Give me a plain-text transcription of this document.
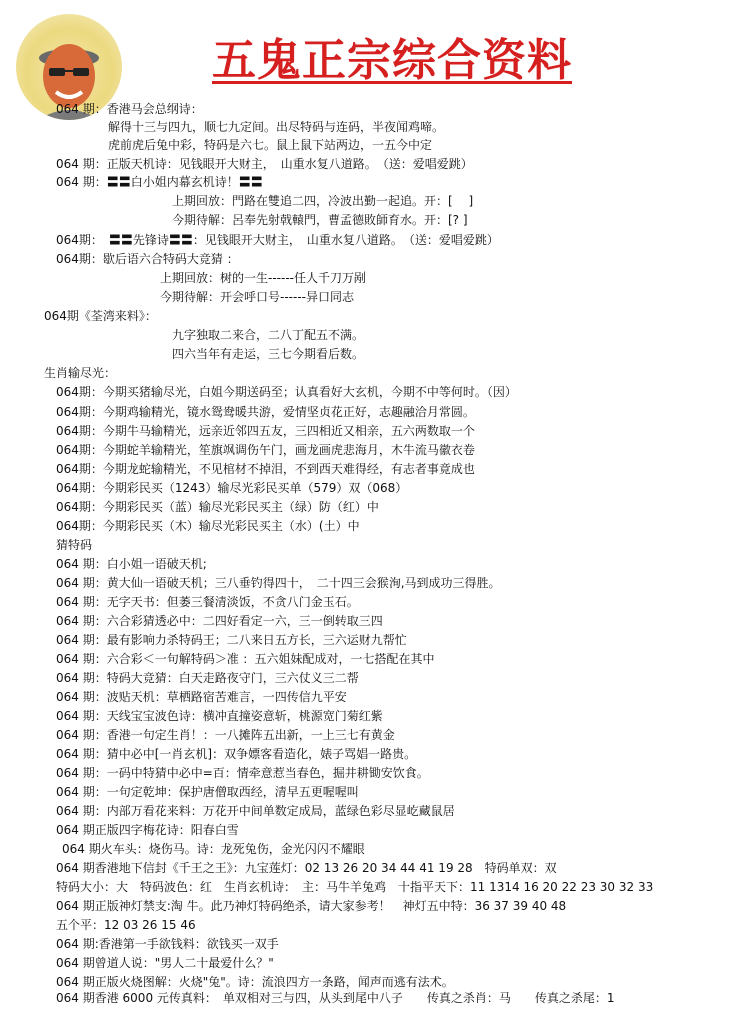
五鬼正宗综合资料
064 期：香港马会总纲诗：
解得十三与四九，顺七九定间。出尽特码与连码，半夜闻鸡啼。
虎前虎后兔中彩，特码是六七。鼠上鼠下站两边，一五今中定
064 期：正版天机诗：见钱眼开大财主，　山重水复八道路。　（送：爱唱爱跳）
064 期：〓〓白小姐内幕玄机诗！〓〓
上期回放：門路在雙追二四，冷波出勤一起追。开：[　 ]
今期待解：呂奉先射戟轅門，曹孟德敗師育水。开：[? ]
064期：　〓〓先锋诗〓〓：见钱眼开大财主，　山重水复八道路。　（送：爱唱爱跳）
064期：歇后语六合特码大竞猜 ：
上期回放：树的一生------任人千刀万剐
今期待解：开会呼口号------异口同志
064期《荃湾来料》：
九字独取二来合，二八丁配五不满。
四六当年有走运，三七今期看后数。
生肖输尽光：
064期：今期买猪输尽光，白姐今期送码至；认真看好大玄机，今期不中等何时。（因）
064期：今期鸡输精光，镜水鸳鸯暖共游，爱情坚贞花正好，志趣融洽月常圆。
064期：今期牛马输精光，远亲近邻四五友，三四相近又相亲，五六两数取一个
064期：今期蛇羊输精光，笙旗飒调伤午门，画龙画虎悲海月，木牛流马徽衣卷
064期：今期龙蛇输精光，不见棺材不掉泪，不到西天难得经，有志者事竟成也
064期：今期彩民买（1243）输尽光彩民买单（579）双（068）
064期：今期彩民买（蓝）输尽光彩民买主（绿）防（红）中
064期：今期彩民买（木）输尽光彩民买主（水）(土）中
猜特码
064 期：白小姐一语破天机;
064 期：黄大仙一语破天机；三八垂钓得四十，　二十四三会猴洵,马到成功三得胜。
064 期：无字天书：但萎三餐清淡饭，不贪八门金玉石。
064 期：六合彩猜透必中：二四好看定一六，三一倒转取三四
064 期：最有影响力杀特码王；二八来日五方长，三六运财九帮忙
064 期：六合彩＜一句解特码＞准 ：五六姐妹配成对，一七搭配在其中
064 期：特码大竞猜：白天走路夜守门，三六仗义三二帮
064 期：波贴天机：草栖路宿苦难言，一四传信九平安
064 期：天线宝宝波色诗：横冲直撞姿意斩，桃源宽门菊红紫
064 期：香港一句定生肖！：一八摊阵五出新，一上三七有黄金
064 期：猜中必中[一肖玄机]：双争嫖客看造化，婊子骂娼一路贵。
064 期：一码中特猜中必中=百：情牵意惹当春色，掘井耕锄安饮食。
064 期：一句定乾坤：保护唐僧取西经，清早五更喔喔叫
064 期：内部万看花来料：万花开中间单数定成局，蓝绿色彩尽显屹藏鼠居
064 期正版四字梅花诗：阳春白雪
064 期火车头：烧伤马。诗：龙死兔伤，金光闪闪不耀眼
064 期香港地下信封《千王之王》：九宝莲灯：02 13 26 20 34 44 41 19 28　特码单双：双
特码大小：大　特码波色：红　生肖玄机诗：　主：马牛羊兔鸡　十指平天下：11 1314 16 20 22 23 30 32 33
064 期正版神灯禁支:淘 牛。此乃神灯特码绝杀，请大家参考！　神灯五中特：36 37 39 40 48
五个平：12 03 26 15 46
064 期:香港第一手欲钱料：欲钱买一双手
064 期曾道人说："男人二十最爱什么？"
064 期正版火烧图解：火烧"兔"。诗：流浪四方一条路，闻声而逃有法术。
064 期香港 6000 元传真料：　单双相对三与四，从头到尾中八子　　传真之杀肖：马　　传真之杀尾：1
